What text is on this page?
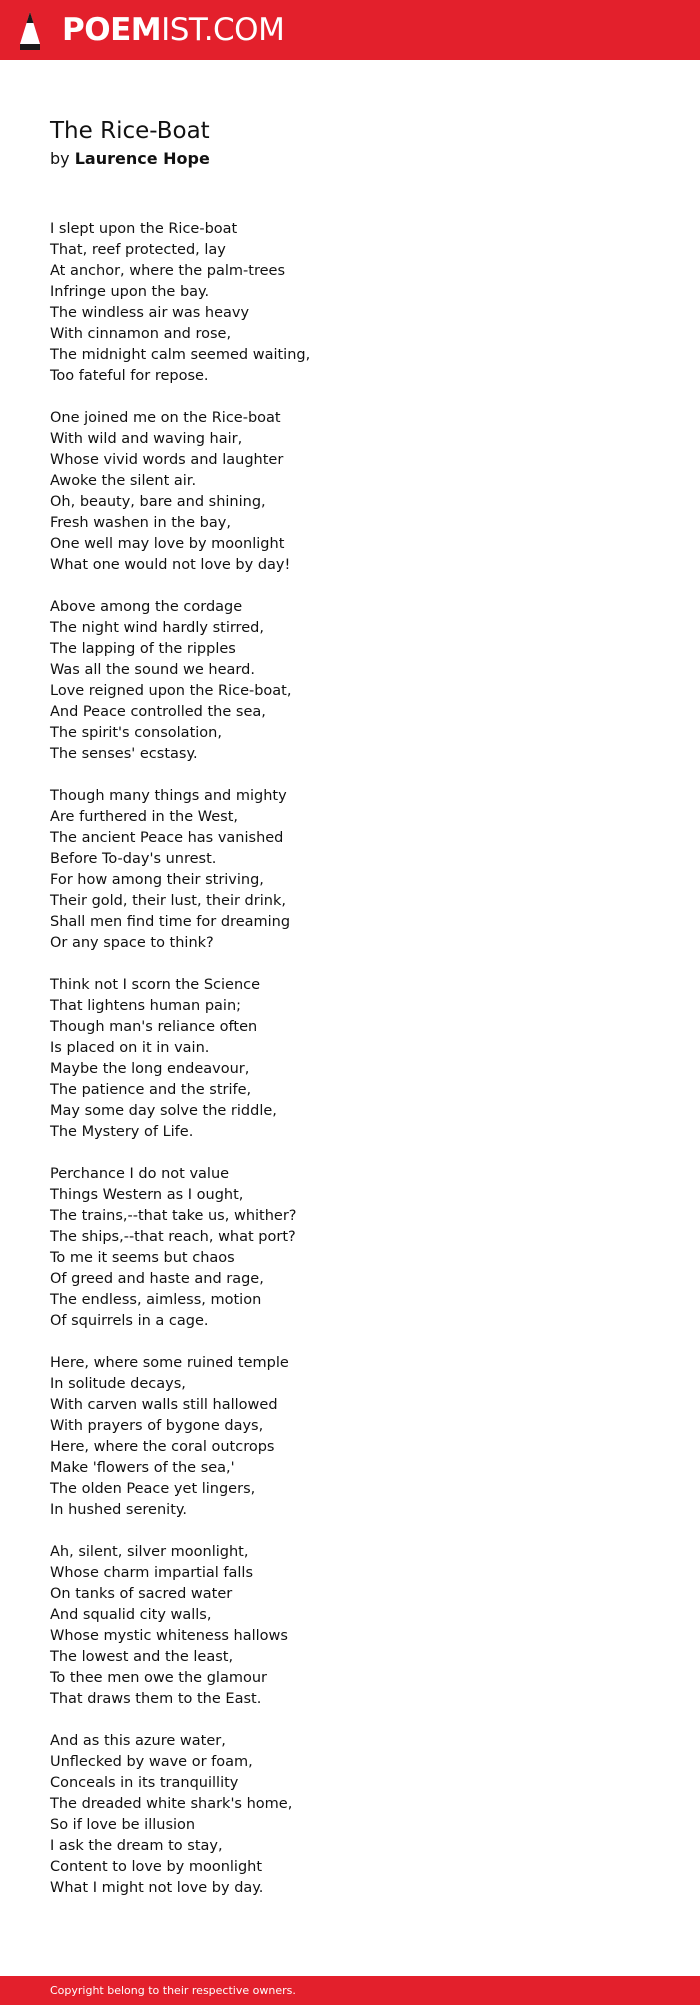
POEMIST.COM
The Rice-Boat
by Laurence Hope
I slept upon the Rice-boat
That, reef protected, lay
At anchor, where the palm-trees
Infringe upon the bay.
The windless air was heavy
With cinnamon and rose,
The midnight calm seemed waiting,
Too fateful for repose.
One joined me on the Rice-boat
With wild and waving hair,
Whose vivid words and laughter
Awoke the silent air.
Oh, beauty, bare and shining,
Fresh washen in the bay,
One well may love by moonlight
What one would not love by day!
Above among the cordage
The night wind hardly stirred,
The lapping of the ripples
Was all the sound we heard.
Love reigned upon the Rice-boat,
And Peace controlled the sea,
The spirit's consolation,
The senses' ecstasy.
Though many things and mighty
Are furthered in the West,
The ancient Peace has vanished
Before To-day's unrest.
For how among their striving,
Their gold, their lust, their drink,
Shall men find time for dreaming
Or any space to think?
Think not I scorn the Science
That lightens human pain;
Though man's reliance often
Is placed on it in vain.
Maybe the long endeavour,
The patience and the strife,
May some day solve the riddle,
The Mystery of Life.
Perchance I do not value
Things Western as I ought,
The trains,--that take us, whither?
The ships,--that reach, what port?
To me it seems but chaos
Of greed and haste and rage,
The endless, aimless, motion
Of squirrels in a cage.
Here, where some ruined temple
In solitude decays,
With carven walls still hallowed
With prayers of bygone days,
Here, where the coral outcrops
Make 'flowers of the sea,'
The olden Peace yet lingers,
In hushed serenity.
Ah, silent, silver moonlight,
Whose charm impartial falls
On tanks of sacred water
And squalid city walls,
Whose mystic whiteness hallows
The lowest and the least,
To thee men owe the glamour
That draws them to the East.
And as this azure water,
Unflecked by wave or foam,
Conceals in its tranquillity
The dreaded white shark's home,
So if love be illusion
I ask the dream to stay,
Content to love by moonlight
What I might not love by day.
Copyright belong to their respective owners.
